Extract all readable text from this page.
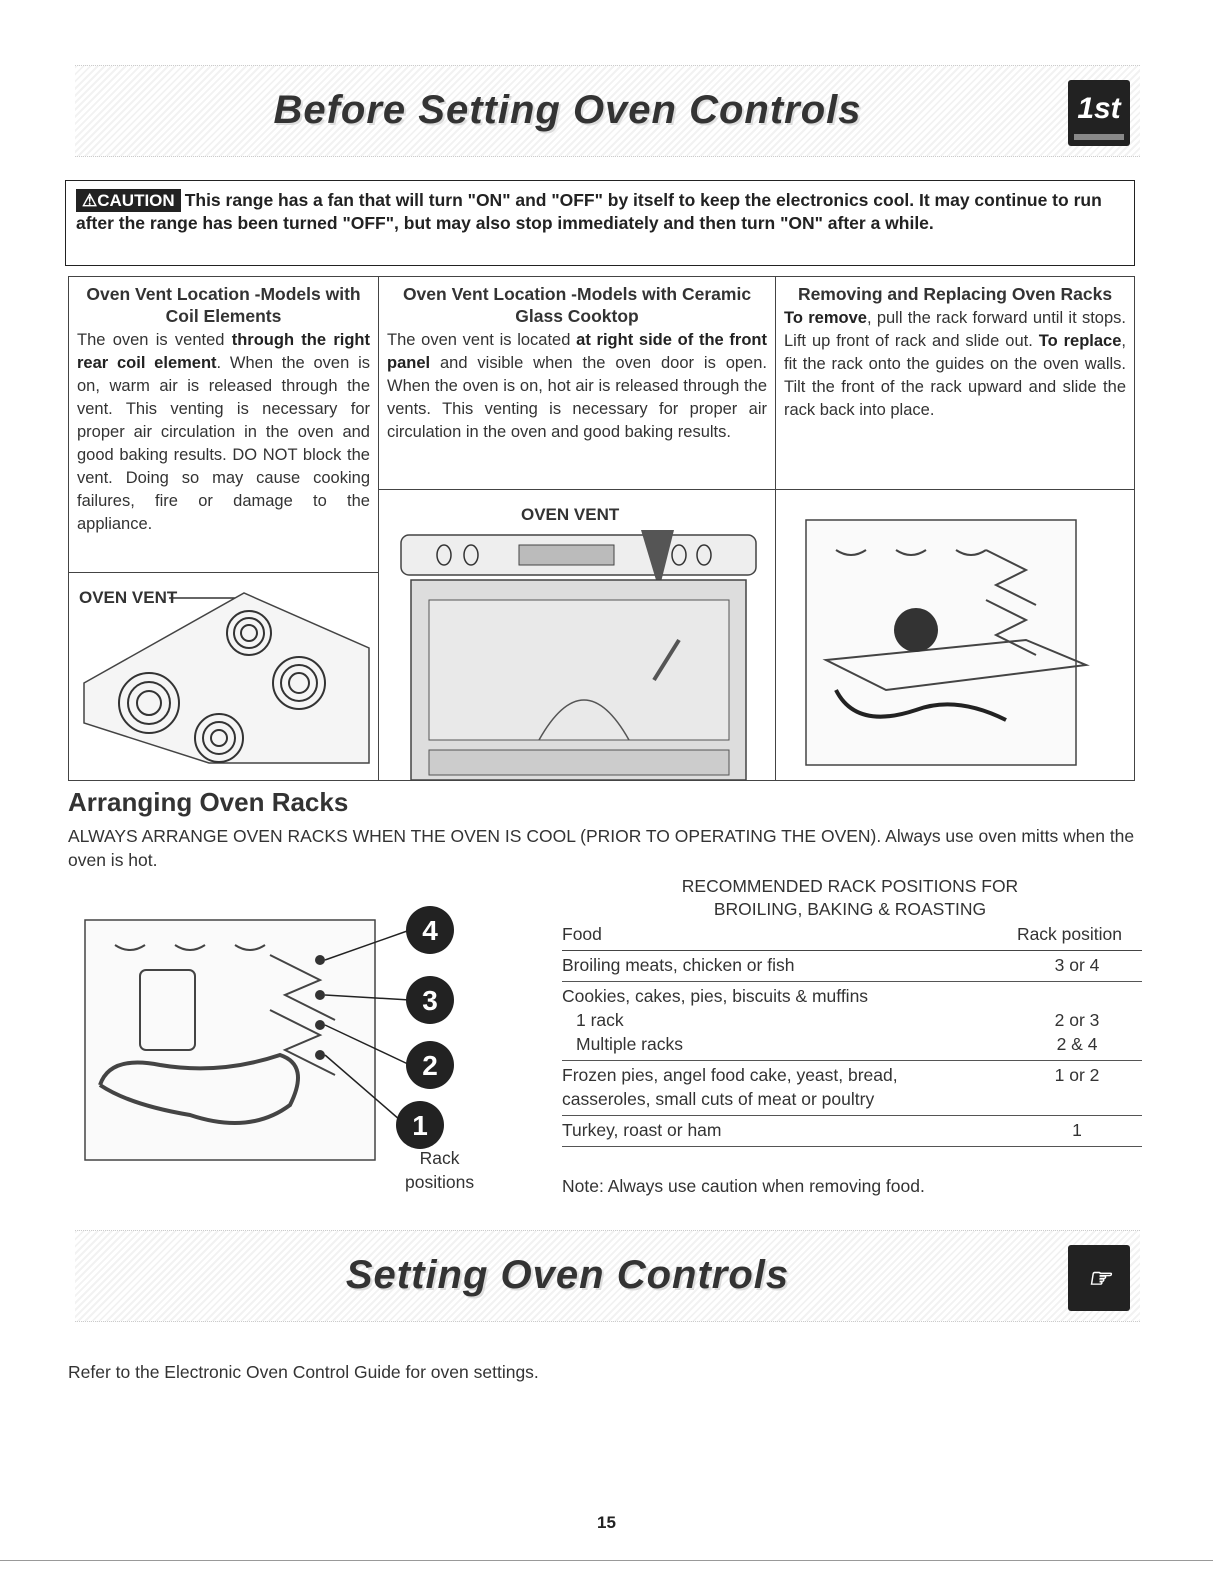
Before Setting Oven Controls	1st
⚠CAUTION This range has a fan that will turn "ON" and "OFF" by itself to keep the electronics cool. It may continue to run after the range has been turned "OFF", but may also stop immediately and then turn "ON" after a while.
Oven Vent Location -Models with Coil Elements

The oven is vented through the right rear coil element. When the oven is on, warm air is released through the vent. This venting is necessary for proper air circulation in the oven and good baking results. DO NOT block the vent. Doing so may cause cooking failures, fire or damage to the appliance.

OVEN VENT
Oven Vent Location -Models with Ceramic Glass Cooktop

The oven vent is located at right side of the front panel and visible when the oven door is open. When the oven is on, hot air is released through the vents. This venting is necessary for proper air circulation in the oven and good baking results.

OVEN VENT
Removing and Replacing Oven Racks

To remove, pull the rack forward until it stops. Lift up front of rack and slide out. To replace, fit the rack onto the guides on the oven walls. Tilt the front of the rack upward and slide the rack back into place.

Arranging Oven Racks
ALWAYS ARRANGE OVEN RACKS WHEN THE OVEN IS COOL (PRIOR TO OPERATING THE OVEN). Always use oven mitts when the oven is hot.
4
3
2
1
Rack
positions
RECOMMENDED RACK POSITIONS FOR
BROILING, BAKING & ROASTING
Food	Rack position
Broiling meats, chicken or fish	3 or 4
Cookies, cakes, pies, biscuits & muffins
1 rack	2 or 3
Multiple racks	2 & 4
Frozen pies, angel food cake, yeast, bread,	1 or 2
casseroles, small cuts of meat or poultry
Turkey, roast or ham	1
Note: Always use caution when removing food.
Setting Oven Controls	☞
Refer to the Electronic Oven Control Guide for oven settings.
15
